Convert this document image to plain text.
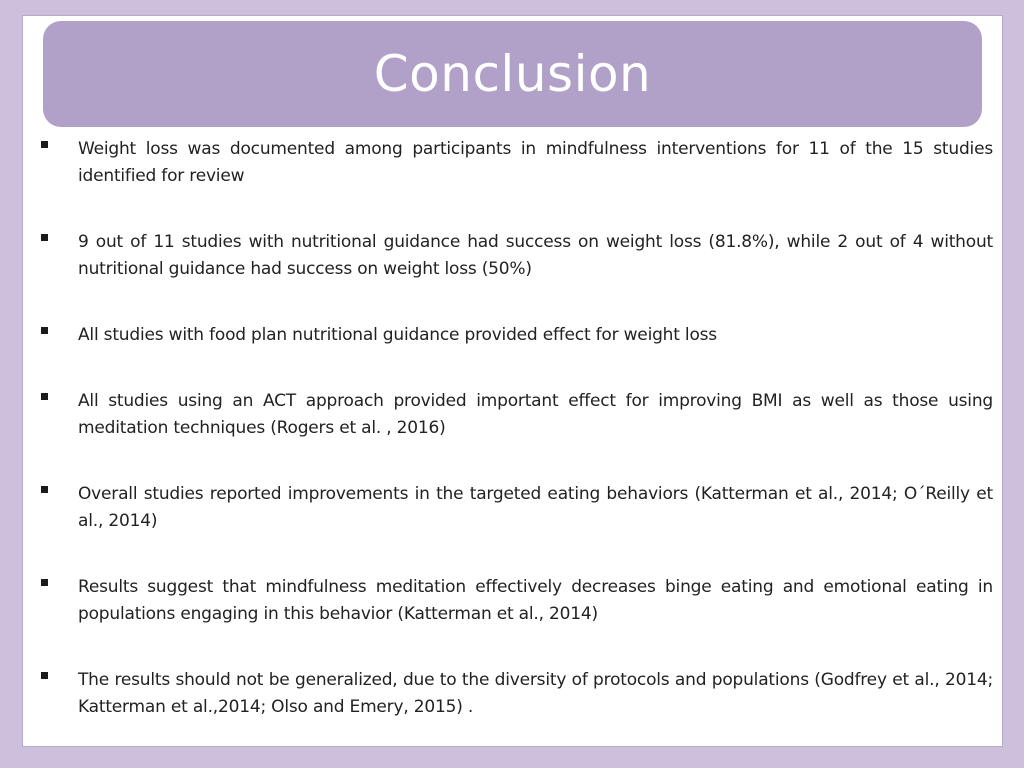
Conclusion

Weight loss was documented among participants in mindfulness interventions for 11 of the 15 studies identified for review

9 out of 11 studies with nutritional guidance had success on weight loss (81.8%), while 2 out of 4 without nutritional guidance had success on weight loss (50%)

All studies with food plan nutritional guidance provided effect for weight loss

All studies using an ACT approach provided important effect for improving BMI as well as those using meditation techniques (Rogers et al. , 2016)

Overall studies reported improvements in the targeted eating behaviors (Katterman et al., 2014; O´Reilly et al., 2014)

Results suggest that mindfulness meditation effectively decreases binge eating and emotional eating in populations engaging in this behavior (Katterman et al., 2014)

The results should not be generalized, due to the diversity of protocols and populations (Godfrey et al., 2014; Katterman et al.,2014; Olso and Emery, 2015) .
